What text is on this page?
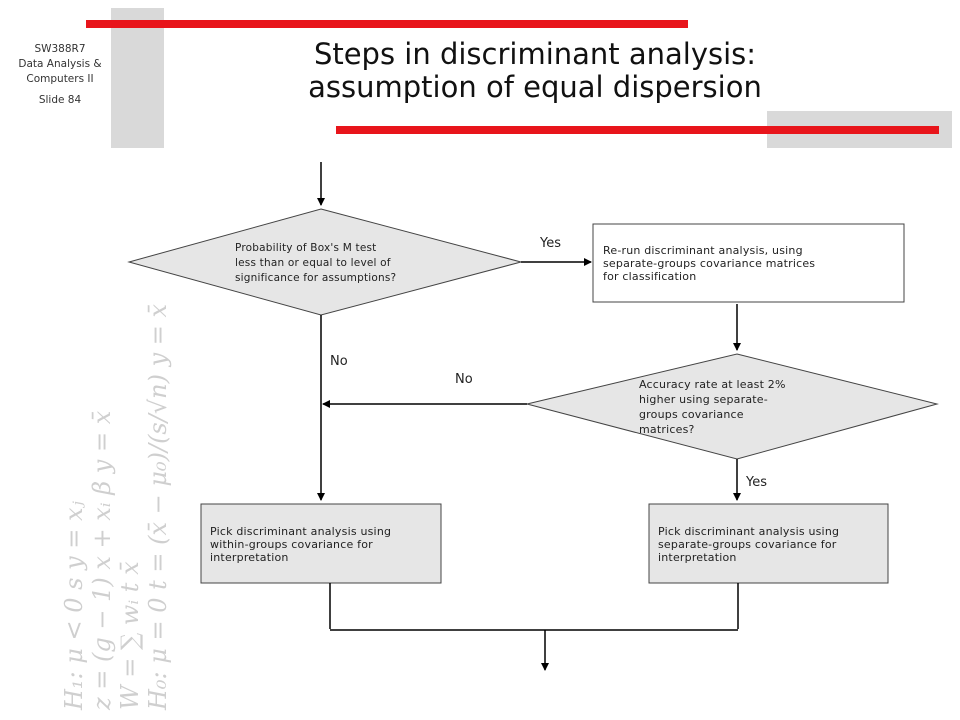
SW388R7
Data Analysis &
Computers II
Slide 84
H₁: μ < 0 s y = xⱼ z = (g − 1) x + xᵢ β y = x̄ W = ∑ wᵢ t x̄ H₀: μ = 0 t = (x̄ − μ₀)/(s/√n) y = x̄
Steps in discriminant analysis:
assumption of equal dispersion
Probability of Box's M test
less than or equal to level of
significance for assumptions?
Re-run discriminant analysis, using
separate-groups covariance matrices
for classification
Accuracy rate at least 2%
higher using separate-
groups covariance
matrices?
Pick discriminant analysis using
within-groups covariance for
interpretation
Pick discriminant analysis using
separate-groups covariance for
interpretation
Yes
No
No
Yes
